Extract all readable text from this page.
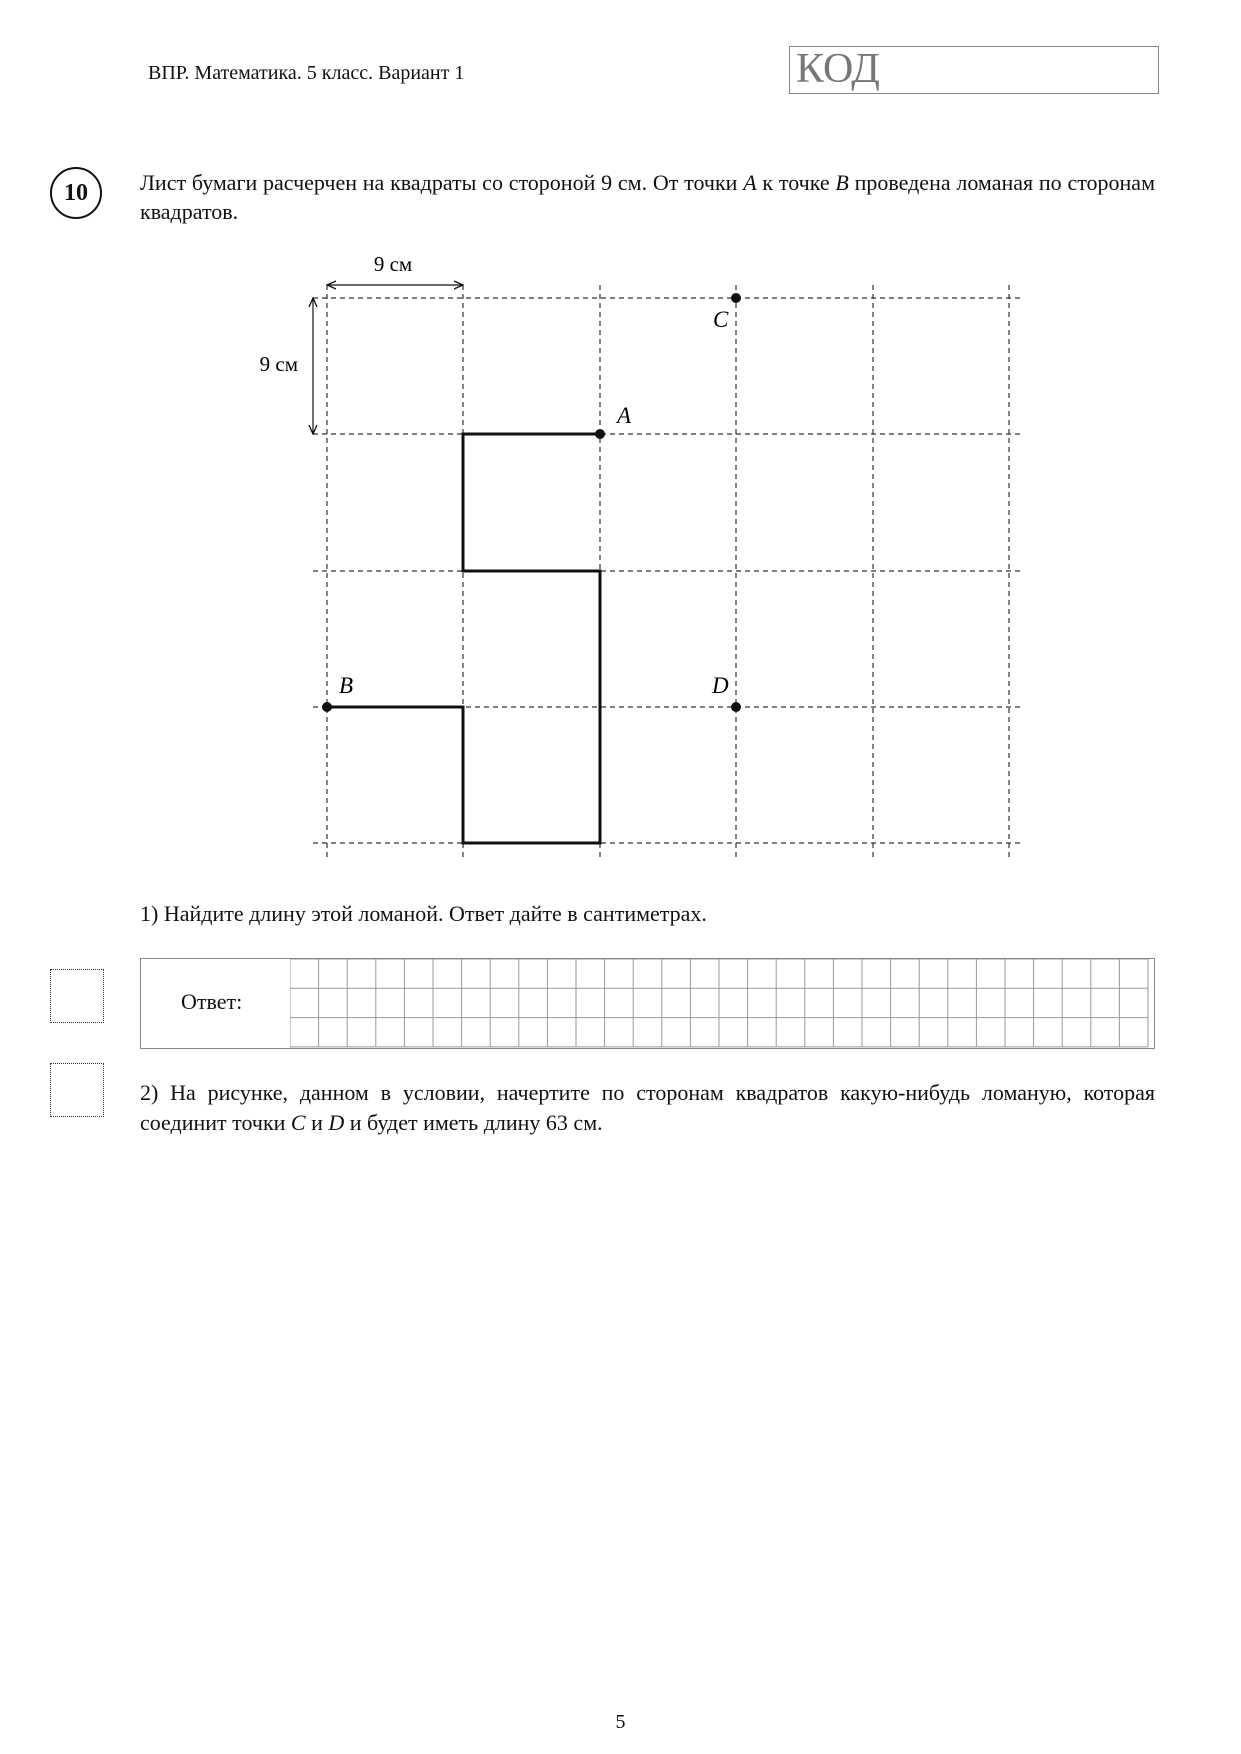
ВПР. Математика. 5 класс. Вариант 1	КОД
10	Лист бумаги расчерчен на квадраты со стороной 9 см. От точки A к точке B проведена ломаная по сторонам квадратов.
9 см
9 см
A
B
C
D
1) Найдите длину этой ломаной. Ответ дайте в сантиметрах.
Ответ:
2) На рисунке, данном в условии, начертите по сторонам квадратов какую-нибудь ломаную, которая соединит точки C и D и будет иметь длину 63 см.
5
